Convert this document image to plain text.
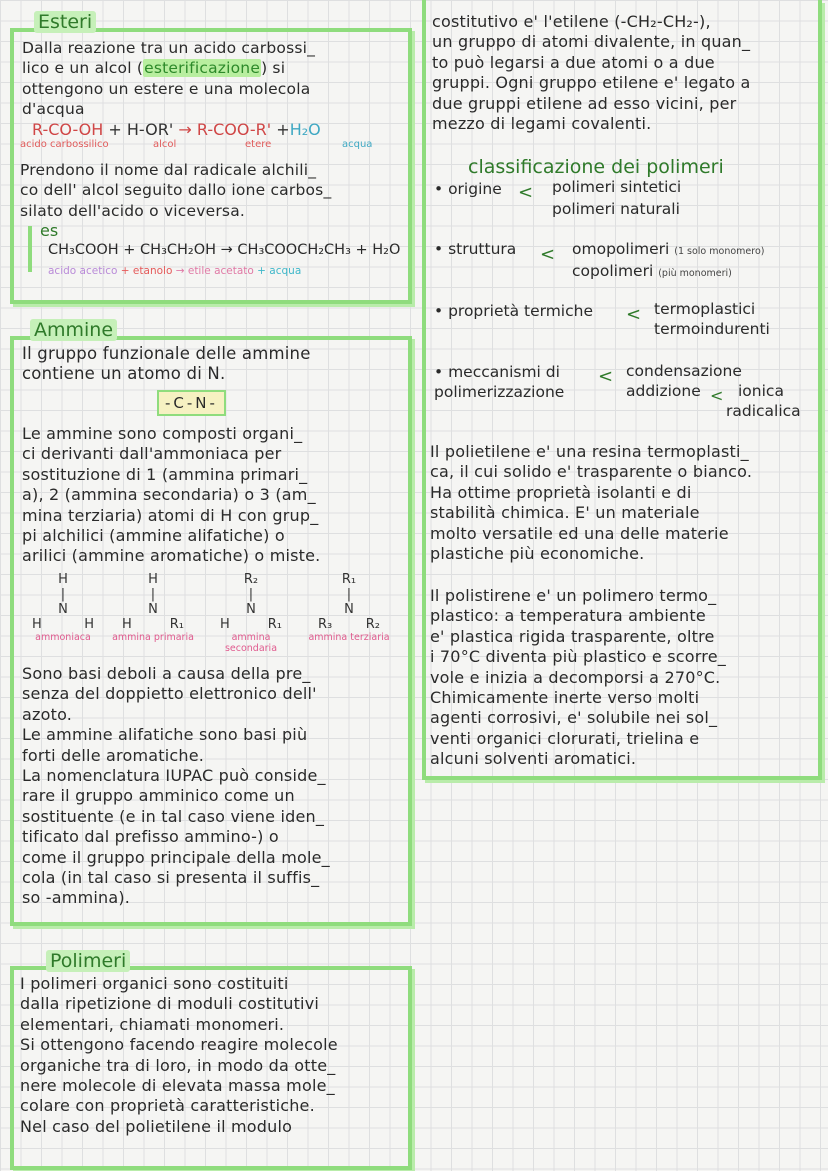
Esteri
Dalla reazione tra un acido carbossi_
lico e un alcol (esterificazione) si
ottengono un estere e una molecola
d'acqua
R-CO-OH + H-OR' → R-COO-R' +H₂O
acido carbossilico	alcol	etere	acqua
Prendono il nome dal radicale alchili_
co dell' alcol seguito dallo ione carbos_
silato dell'acido o viceversa.
es
CH₃COOH + CH₃CH₂OH → CH₃COOCH₂CH₃ + H₂O
acido acetico + etanolo → etile acetato + acqua
Ammine
Il gruppo funzionale delle ammine
contiene un atomo di N.
-C-N-
Le ammine sono composti organi_
ci derivanti dall'ammoniaca per
sostituzione di 1 (ammina primari_
a), 2 (ammina secondaria) o 3 (am_
mina terziaria) atomi di H con grup_
pi alchilici (ammine alifatiche) o
arilici (ammine aromatiche) o miste.
H
|
N
H	H
ammoniaca
H
|
N
H	R₁
ammina primaria
R₂
|
N
H	R₁
ammina secondaria
R₁
|
N
R₃	R₂
ammina terziaria
Sono basi deboli a causa della pre_
senza del doppietto elettronico dell'
azoto.
Le ammine alifatiche sono basi più
forti delle aromatiche.
La nomenclatura IUPAC può conside_
rare il gruppo amminico come un
sostituente (e in tal caso viene iden_
tificato dal prefisso ammino-) o
come il gruppo principale della mole_
cola (in tal caso si presenta il suffis_
so -ammina).
Polimeri
I polimeri organici sono costituiti
dalla ripetizione di moduli costitutivi
elementari, chiamati monomeri.
Si ottengono facendo reagire molecole
organiche tra di loro, in modo da otte_
nere molecole di elevata massa mole_
colare con proprietà caratteristiche.
Nel caso del polietilene il modulo
costitutivo e' l'etilene (-CH₂-CH₂-),
un gruppo di atomi divalente, in quan_
to può legarsi a due atomi o a due
gruppi. Ogni gruppo etilene e' legato a
due gruppi etilene ad esso vicini, per
mezzo di legami covalenti.
classificazione dei polimeri
• origine < polimeri sintetici
polimeri naturali
• struttura < omopolimeri (1 solo monomero)
copolimeri (più monomeri)
• proprietà termiche < termoplastici
termoindurenti
• meccanismi di polimerizzazione
< condensazione
addizione < ionica
radicalica
Il polietilene e' una resina termoplasti_
ca, il cui solido e' trasparente o bianco.
Ha ottime proprietà isolanti e di
stabilità chimica. E' un materiale
molto versatile ed una delle materie
plastiche più economiche.
Il polistirene e' un polimero termo_
plastico: a temperatura ambiente
e' plastica rigida trasparente, oltre
i 70°C diventa più plastico e scorre_
vole e inizia a decomporsi a 270°C.
Chimicamente inerte verso molti
agenti corrosivi, e' solubile nei sol_
venti organici clorurati, trielina e
alcuni solventi aromatici.
